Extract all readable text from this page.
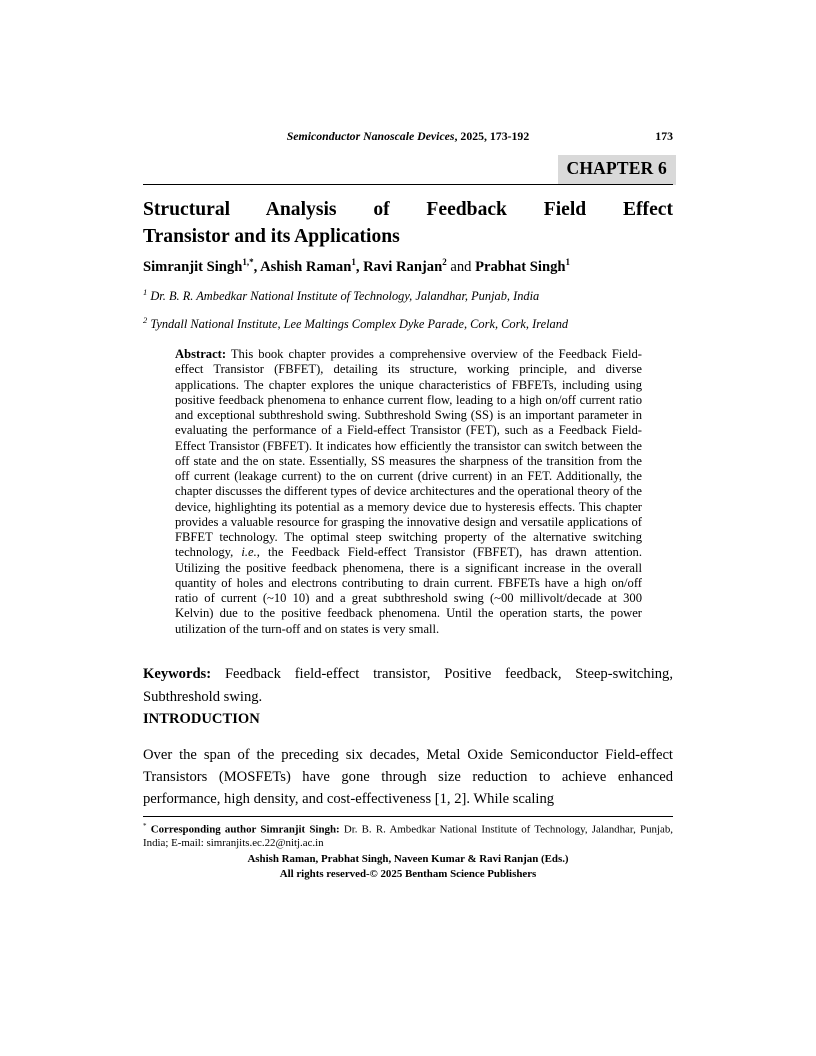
Semiconductor Nanoscale Devices, 2025, 173-192	173
CHAPTER 6
Structural Analysis of Feedback Field Effect
Transistor and its Applications
Simranjit Singh$^{1,*}$, Ashish Raman$^1$, Ravi Ranjan$^2$ and Prabhat Singh$^1$
$^1$ Dr. B. R. Ambedkar National Institute of Technology, Jalandhar, Punjab, India
$^2$ Tyndall National Institute, Lee Maltings Complex Dyke Parade, Cork, Cork, Ireland
Abstract: This book chapter provides a comprehensive overview of the Feedback Field-effect Transistor (FBFET), detailing its structure, working principle, and diverse applications. The chapter explores the unique characteristics of FBFETs, including using positive feedback phenomena to enhance current flow, leading to a high on/off current ratio and exceptional subthreshold swing. Subthreshold Swing (SS) is an important parameter in evaluating the performance of a Field-effect Transistor (FET), such as a Feedback Field-Effect Transistor (FBFET). It indicates how efficiently the transistor can switch between the off state and the on state. Essentially, SS measures the sharpness of the transition from the off current (leakage current) to the on current (drive current) in an FET. Additionally, the chapter discusses the different types of device architectures and the operational theory of the device, highlighting its potential as a memory device due to hysteresis effects. This chapter provides a valuable resource for grasping the innovative design and versatile applications of FBFET technology. The optimal steep switching property of the alternative switching technology, i.e., the Feedback Field-effect Transistor (FBFET), has drawn attention. Utilizing the positive feedback phenomena, there is a significant increase in the overall quantity of holes and electrons contributing to drain current. FBFETs have a high on/off ratio of current (~10 10) and a great subthreshold swing (~00 millivolt/decade at 300 Kelvin) due to the positive feedback phenomena. Until the operation starts, the power utilization of the turn-off and on states is very small.
Keywords: Feedback field-effect transistor, Positive feedback, Steep-switching, Subthreshold swing.
INTRODUCTION
Over the span of the preceding six decades, Metal Oxide Semiconductor Field-effect Transistors (MOSFETs) have gone through size reduction to achieve enhanced performance, high density, and cost-effectiveness [1, 2]. While scaling
* Corresponding author Simranjit Singh: Dr. B. R. Ambedkar National Institute of Technology, Jalandhar, Punjab, India; E-mail: simranjits.ec.22@nitj.ac.in
Ashish Raman, Prabhat Singh, Naveen Kumar & Ravi Ranjan (Eds.)
All rights reserved-© 2025 Bentham Science Publishers
